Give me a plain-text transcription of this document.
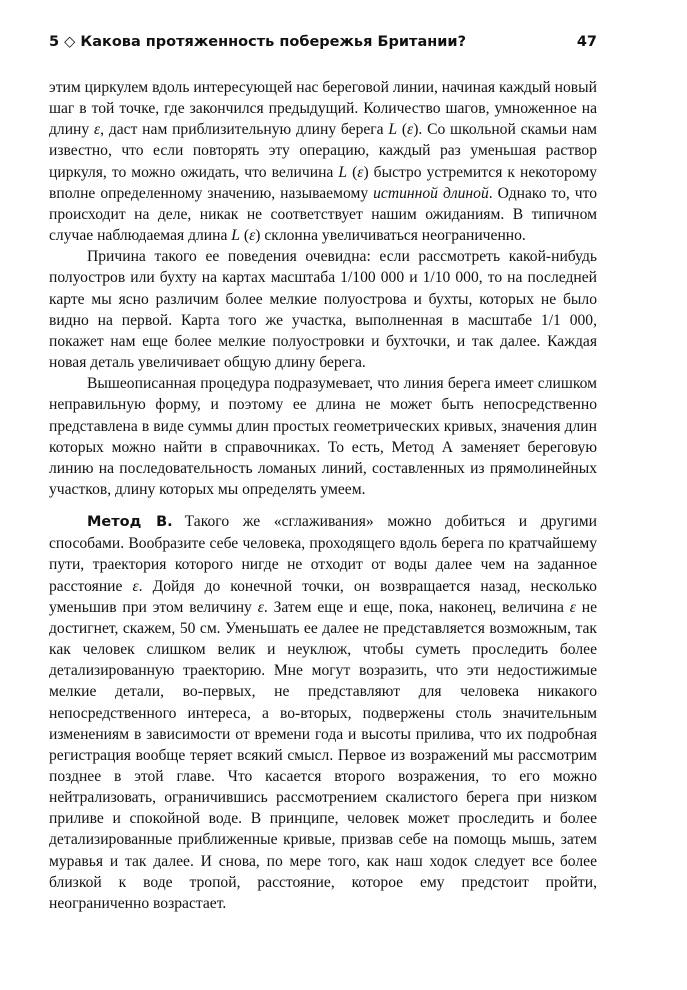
5 ◇ Какова протяженность побережья Британии?	47

этим циркулем вдоль интересующей нас береговой линии, начиная каждый новый шаг в той точке, где закончился предыдущий. Количество шагов, умноженное на длину ε, даст нам приблизительную длину берега L (ε). Со школьной скамьи нам известно, что если повторять эту операцию, каждый раз уменьшая раствор циркуля, то можно ожидать, что величина L (ε) быстро устремится к некоторому вполне определенному значению, называемому истинной длиной. Однако то, что происходит на деле, никак не соответствует нашим ожиданиям. В типичном случае наблюдаемая длина L (ε) склонна увеличиваться неограниченно.

Причина такого ее поведения очевидна: если рассмотреть какой-нибудь полуостров или бухту на картах масштаба 1/100 000 и 1/10 000, то на последней карте мы ясно различим более мелкие полуострова и бухты, которых не было видно на первой. Карта того же участка, выполненная в масштабе 1/1 000, покажет нам еще более мелкие полуостровки и бухточки, и так далее. Каждая новая деталь увеличивает общую длину берега.

Вышеописанная процедура подразумевает, что линия берега имеет слишком неправильную форму, и поэтому ее длина не может быть непосредственно представлена в виде суммы длин простых геометрических кривых, значения длин которых можно найти в справочниках. То есть, Метод А заменяет береговую линию на последовательность ломаных линий, составленных из прямолинейных участков, длину которых мы определять умеем.

Метод B. Такого же «сглаживания» можно добиться и другими способами. Вообразите себе человека, проходящего вдоль берега по кратчайшему пути, траектория которого нигде не отходит от воды далее чем на заданное расстояние ε. Дойдя до конечной точки, он возвращается назад, несколько уменьшив при этом величину ε. Затем еще и еще, пока, наконец, величина ε не достигнет, скажем, 50 см. Уменьшать ее далее не представляется возможным, так как человек слишком велик и неуклюж, чтобы суметь проследить более детализированную траекторию. Мне могут возразить, что эти недостижимые мелкие детали, во-первых, не представляют для человека никакого непосредственного интереса, а во-вторых, подвержены столь значительным изменениям в зависимости от времени года и высоты прилива, что их подробная регистрация вообще теряет всякий смысл. Первое из возражений мы рассмотрим позднее в этой главе. Что касается второго возражения, то его можно нейтрализовать, ограничившись рассмотрением скалистого берега при низком приливе и спокойной воде. В принципе, человек может проследить и более детализированные приближенные кривые, призвав себе на помощь мышь, затем муравья и так далее. И снова, по мере того, как наш ходок следует все более близкой к воде тропой, расстояние, которое ему предстоит пройти, неограниченно возрастает.
